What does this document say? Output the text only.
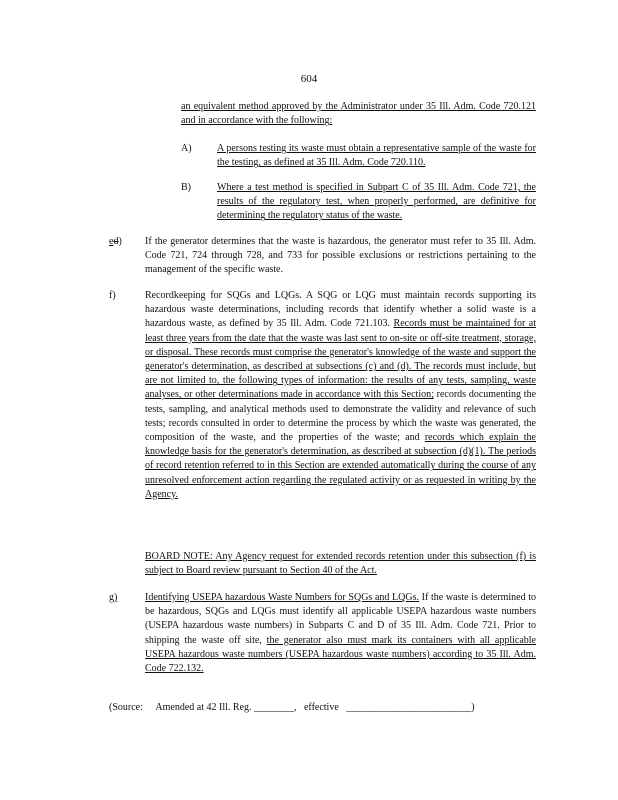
604
an equivalent method approved by the Administrator under 35 Ill. Adm. Code 720.121 and in accordance with the following:
A)	A persons testing its waste must obtain a representative sample of the waste for the testing, as defined at 35 Ill. Adm. Code 720.110.
B)	Where a test method is specified in Subpart C of 35 Ill. Adm. Code 721, the results of the regulatory test, when properly performed, are definitive for determining the regulatory status of the waste.
ed) If the generator determines that the waste is hazardous, the generator must refer to 35 Ill. Adm. Code 721, 724 through 728, and 733 for possible exclusions or restrictions pertaining to the management of the specific waste.
f)	Recordkeeping for SQGs and LQGs. A SQG or LQG must maintain records supporting its hazardous waste determinations, including records that identify whether a solid waste is a hazardous waste, as defined by 35 Ill. Adm. Code 721.103. Records must be maintained for at least three years from the date that the waste was last sent to on-site or off-site treatment, storage, or disposal. These records must comprise the generator's knowledge of the waste and support the generator's determination, as described at subsections (c) and (d). The records must include, but are not limited to, the following types of information: the results of any tests, sampling, waste analyses, or other determinations made in accordance with this Section; records documenting the tests, sampling, and analytical methods used to demonstrate the validity and relevance of such tests; records consulted in order to determine the process by which the waste was generated, the composition of the waste, and the properties of the waste; and records which explain the knowledge basis for the generator's determination, as described at subsection (d)(1). The periods of record retention referred to in this Section are extended automatically during the course of any unresolved enforcement action regarding the regulated activity or as requested in writing by the Agency.
BOARD NOTE: Any Agency request for extended records retention under this subsection (f) is subject to Board review pursuant to Section 40 of the Act.
g)	Identifying USEPA hazardous Waste Numbers for SQGs and LQGs. If the waste is determined to be hazardous, SQGs and LQGs must identify all applicable USEPA hazardous waste numbers (USEPA hazardous waste numbers) in Subparts C and D of 35 Ill. Adm. Code 721. Prior to shipping the waste off site, the generator also must mark its containers with all applicable USEPA hazardous waste numbers (USEPA hazardous waste numbers) according to 35 Ill. Adm. Code 722.132.
(Source: Amended at 42 Ill. Reg. ________, effective _________________________)
